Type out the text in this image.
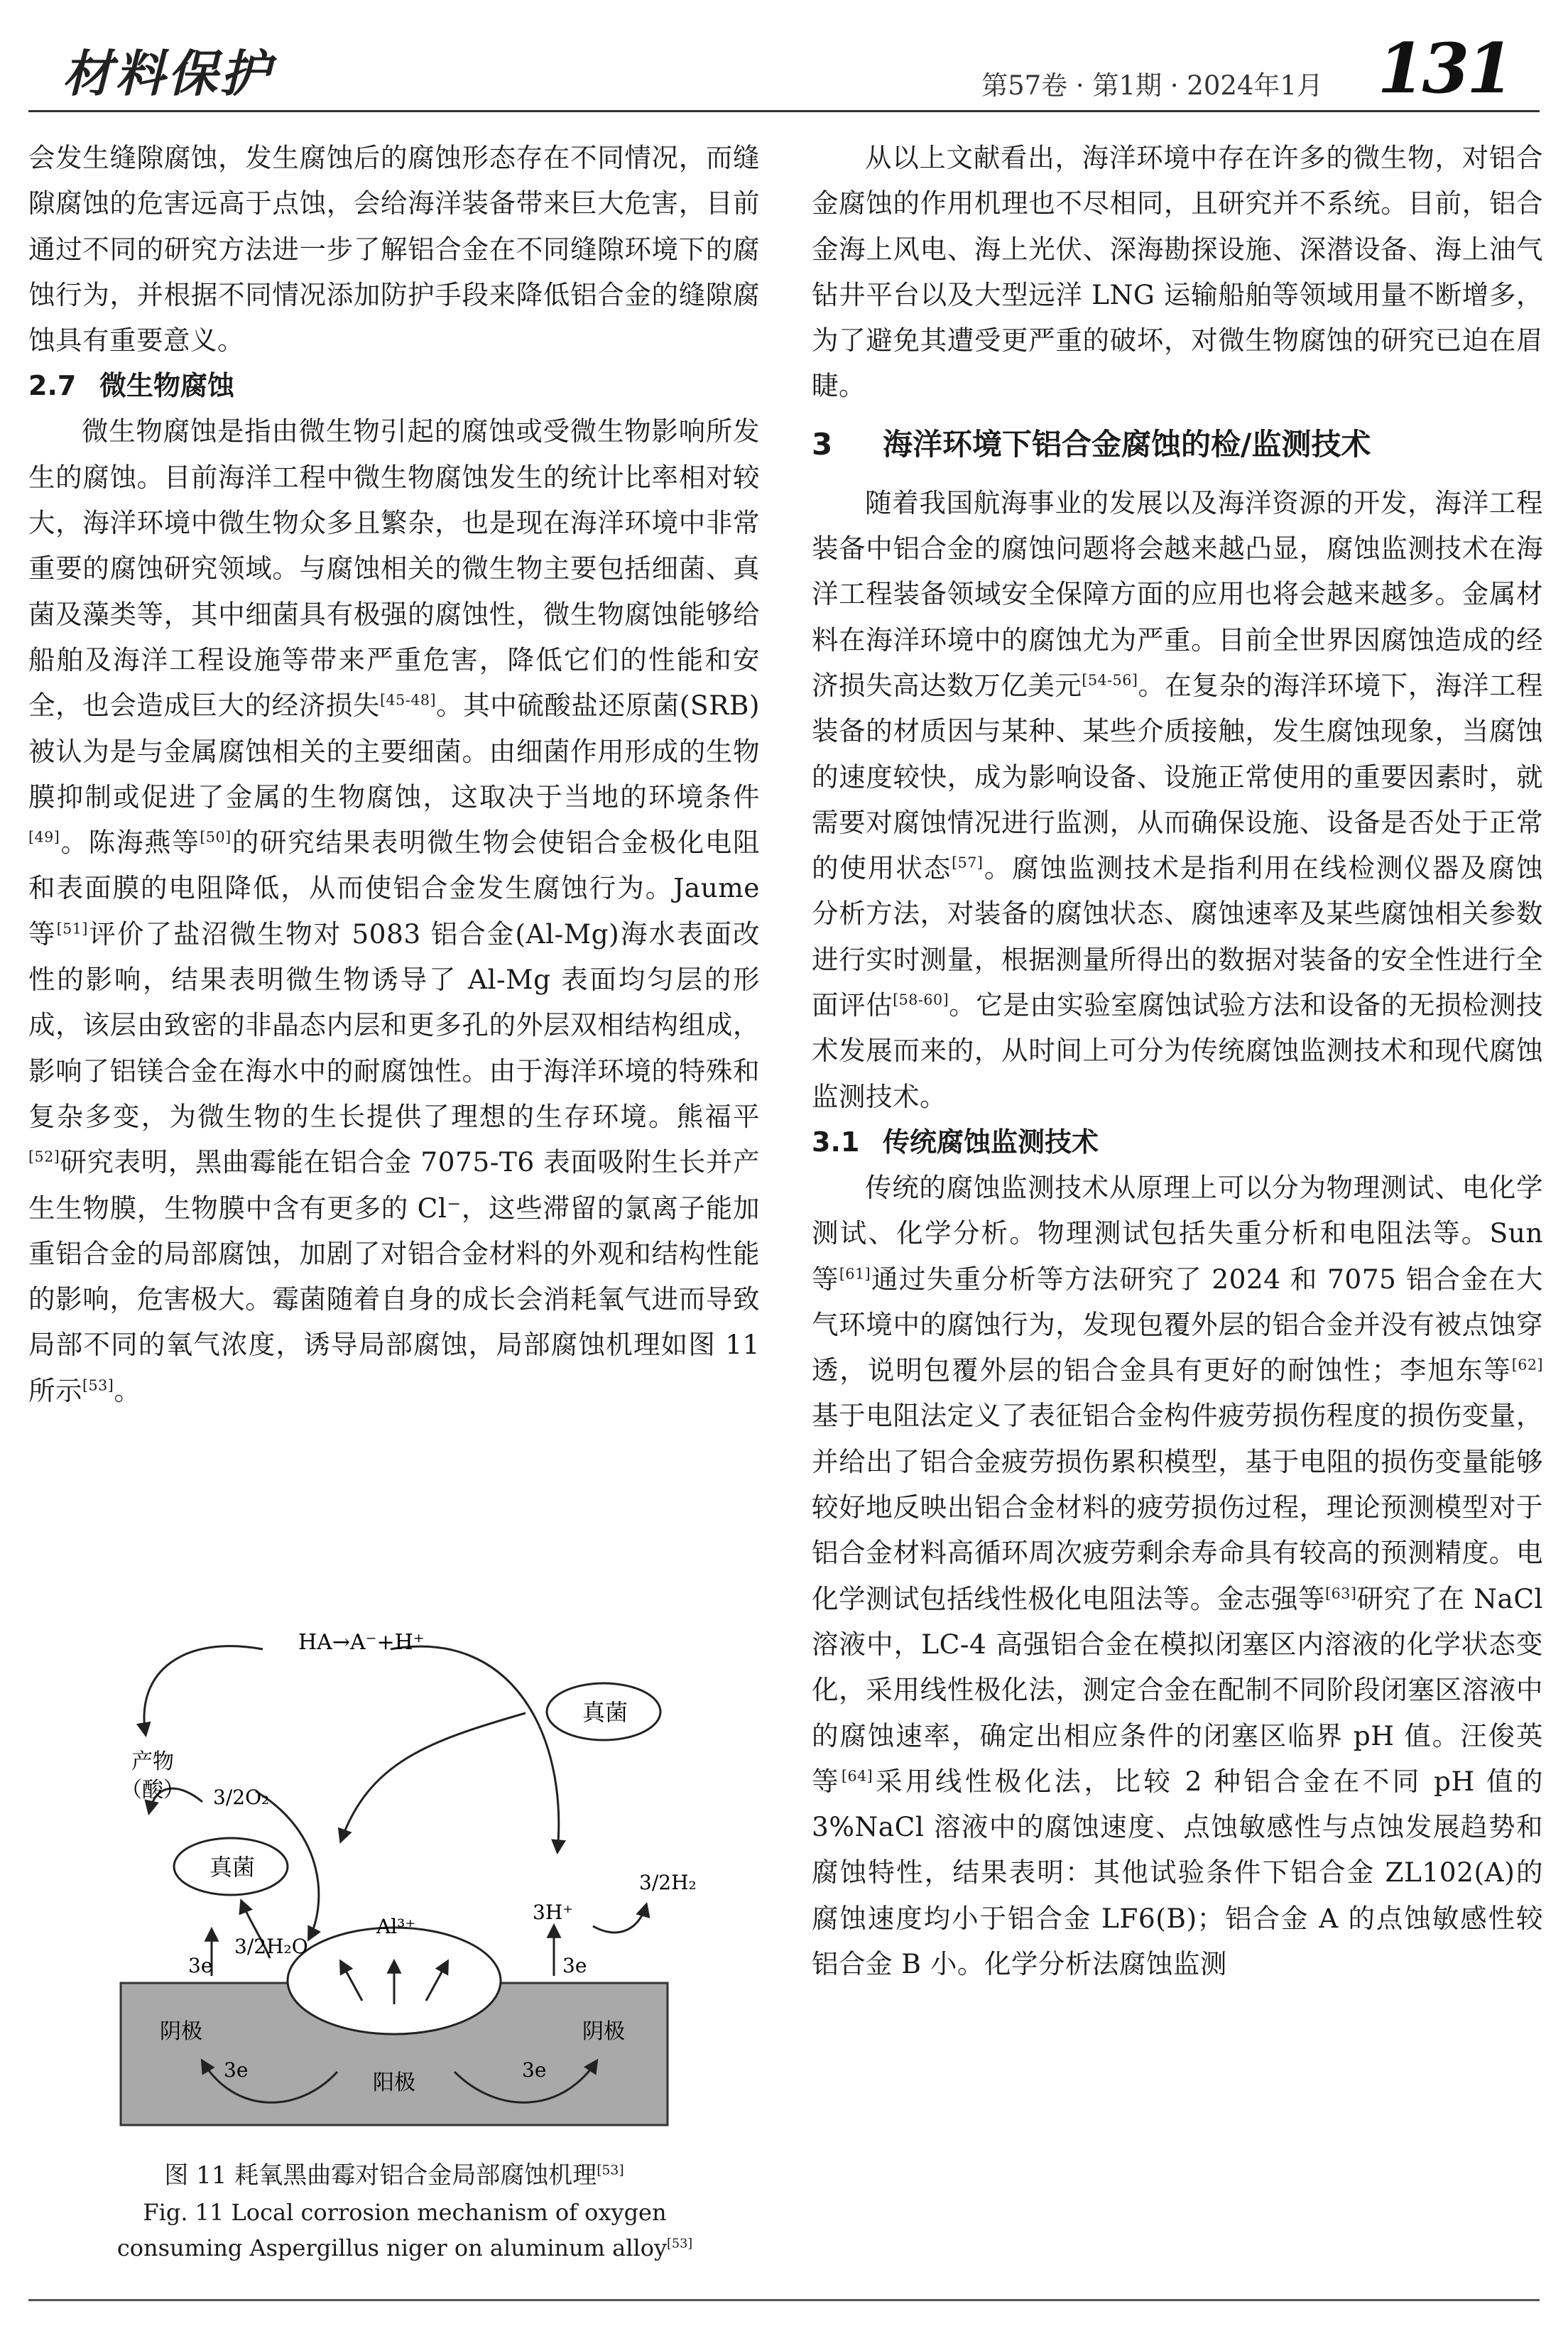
材料保护	第57卷 · 第1期 · 2024年1月 131

会发生缝隙腐蚀，发生腐蚀后的腐蚀形态存在不同情况，而缝隙腐蚀的危害远高于点蚀，会给海洋装备带来巨大危害，目前通过不同的研究方法进一步了解铝合金在不同缝隙环境下的腐蚀行为，并根据不同情况添加防护手段来降低铝合金的缝隙腐蚀具有重要意义。

2.7 微生物腐蚀

微生物腐蚀是指由微生物引起的腐蚀或受微生物影响所发生的腐蚀。目前海洋工程中微生物腐蚀发生的统计比率相对较大，海洋环境中微生物众多且繁杂，也是现在海洋环境中非常重要的腐蚀研究领域。与腐蚀相关的微生物主要包括细菌、真菌及藻类等，其中细菌具有极强的腐蚀性，微生物腐蚀能够给船舶及海洋工程设施等带来严重危害，降低它们的性能和安全，也会造成巨大的经济损失[45-48]。其中硫酸盐还原菌(SRB)被认为是与金属腐蚀相关的主要细菌。由细菌作用形成的生物膜抑制或促进了金属的生物腐蚀，这取决于当地的环境条件[49]。陈海燕等[50]的研究结果表明微生物会使铝合金极化电阻和表面膜的电阻降低，从而使铝合金发生腐蚀行为。Jaume 等[51]评价了盐沼微生物对 5083 铝合金(Al-Mg)海水表面改性的影响，结果表明微生物诱导了 Al-Mg 表面均匀层的形成，该层由致密的非晶态内层和更多孔的外层双相结构组成，影响了铝镁合金在海水中的耐腐蚀性。由于海洋环境的特殊和复杂多变，为微生物的生长提供了理想的生存环境。熊福平[52]研究表明，黑曲霉能在铝合金 7075-T6 表面吸附生长并产生生物膜，生物膜中含有更多的 Cl⁻，这些滞留的氯离子能加重铝合金的局部腐蚀，加剧了对铝合金材料的外观和结构性能的影响，危害极大。霉菌随着自身的成长会消耗氧气进而导致局部不同的氧气浓度，诱导局部腐蚀，局部腐蚀机理如图 11 所示[53]。

HA→A⁻+H⁺
产物
（酸）
真菌
真菌
3/2O₂
3/2H₂O
Al³⁺
3H⁺
3/2H₂
3e	3e
阴极	阴极
阳极
3e	3e
图 11 耗氧黑曲霉对铝合金局部腐蚀机理[53]
Fig. 11 Local corrosion mechanism of oxygen consuming Aspergillus niger on aluminum alloy[53]

从以上文献看出，海洋环境中存在许多的微生物，对铝合金腐蚀的作用机理也不尽相同，且研究并不系统。目前，铝合金海上风电、海上光伏、深海勘探设施、深潜设备、海上油气钻井平台以及大型远洋 LNG 运输船舶等领域用量不断增多，为了避免其遭受更严重的破坏，对微生物腐蚀的研究已迫在眉睫。

3 海洋环境下铝合金腐蚀的检/监测技术

随着我国航海事业的发展以及海洋资源的开发，海洋工程装备中铝合金的腐蚀问题将会越来越凸显，腐蚀监测技术在海洋工程装备领域安全保障方面的应用也将会越来越多。金属材料在海洋环境中的腐蚀尤为严重。目前全世界因腐蚀造成的经济损失高达数万亿美元[54-56]。在复杂的海洋环境下，海洋工程装备的材质因与某种、某些介质接触，发生腐蚀现象，当腐蚀的速度较快，成为影响设备、设施正常使用的重要因素时，就需要对腐蚀情况进行监测，从而确保设施、设备是否处于正常的使用状态[57]。腐蚀监测技术是指利用在线检测仪器及腐蚀分析方法，对装备的腐蚀状态、腐蚀速率及某些腐蚀相关参数进行实时测量，根据测量所得出的数据对装备的安全性进行全面评估[58-60]。它是由实验室腐蚀试验方法和设备的无损检测技术发展而来的，从时间上可分为传统腐蚀监测技术和现代腐蚀监测技术。

3.1 传统腐蚀监测技术

传统的腐蚀监测技术从原理上可以分为物理测试、电化学测试、化学分析。物理测试包括失重分析和电阻法等。Sun 等[61]通过失重分析等方法研究了 2024 和 7075 铝合金在大气环境中的腐蚀行为，发现包覆外层的铝合金并没有被点蚀穿透，说明包覆外层的铝合金具有更好的耐蚀性；李旭东等[62]基于电阻法定义了表征铝合金构件疲劳损伤程度的损伤变量，并给出了铝合金疲劳损伤累积模型，基于电阻的损伤变量能够较好地反映出铝合金材料的疲劳损伤过程，理论预测模型对于铝合金材料高循环周次疲劳剩余寿命具有较高的预测精度。电化学测试包括线性极化电阻法等。金志强等[63]研究了在 NaCl 溶液中，LC-4 高强铝合金在模拟闭塞区内溶液的化学状态变化，采用线性极化法，测定合金在配制不同阶段闭塞区溶液中的腐蚀速率，确定出相应条件的闭塞区临界 pH 值。汪俊英等[64]采用线性极化法，比较 2 种铝合金在不同 pH 值的 3%NaCl 溶液中的腐蚀速度、点蚀敏感性与点蚀发展趋势和腐蚀特性，结果表明：其他试验条件下铝合金 ZL102(A)的腐蚀速度均小于铝合金 LF6(B)；铝合金 A 的点蚀敏感性较铝合金 B 小。化学分析法腐蚀监测
